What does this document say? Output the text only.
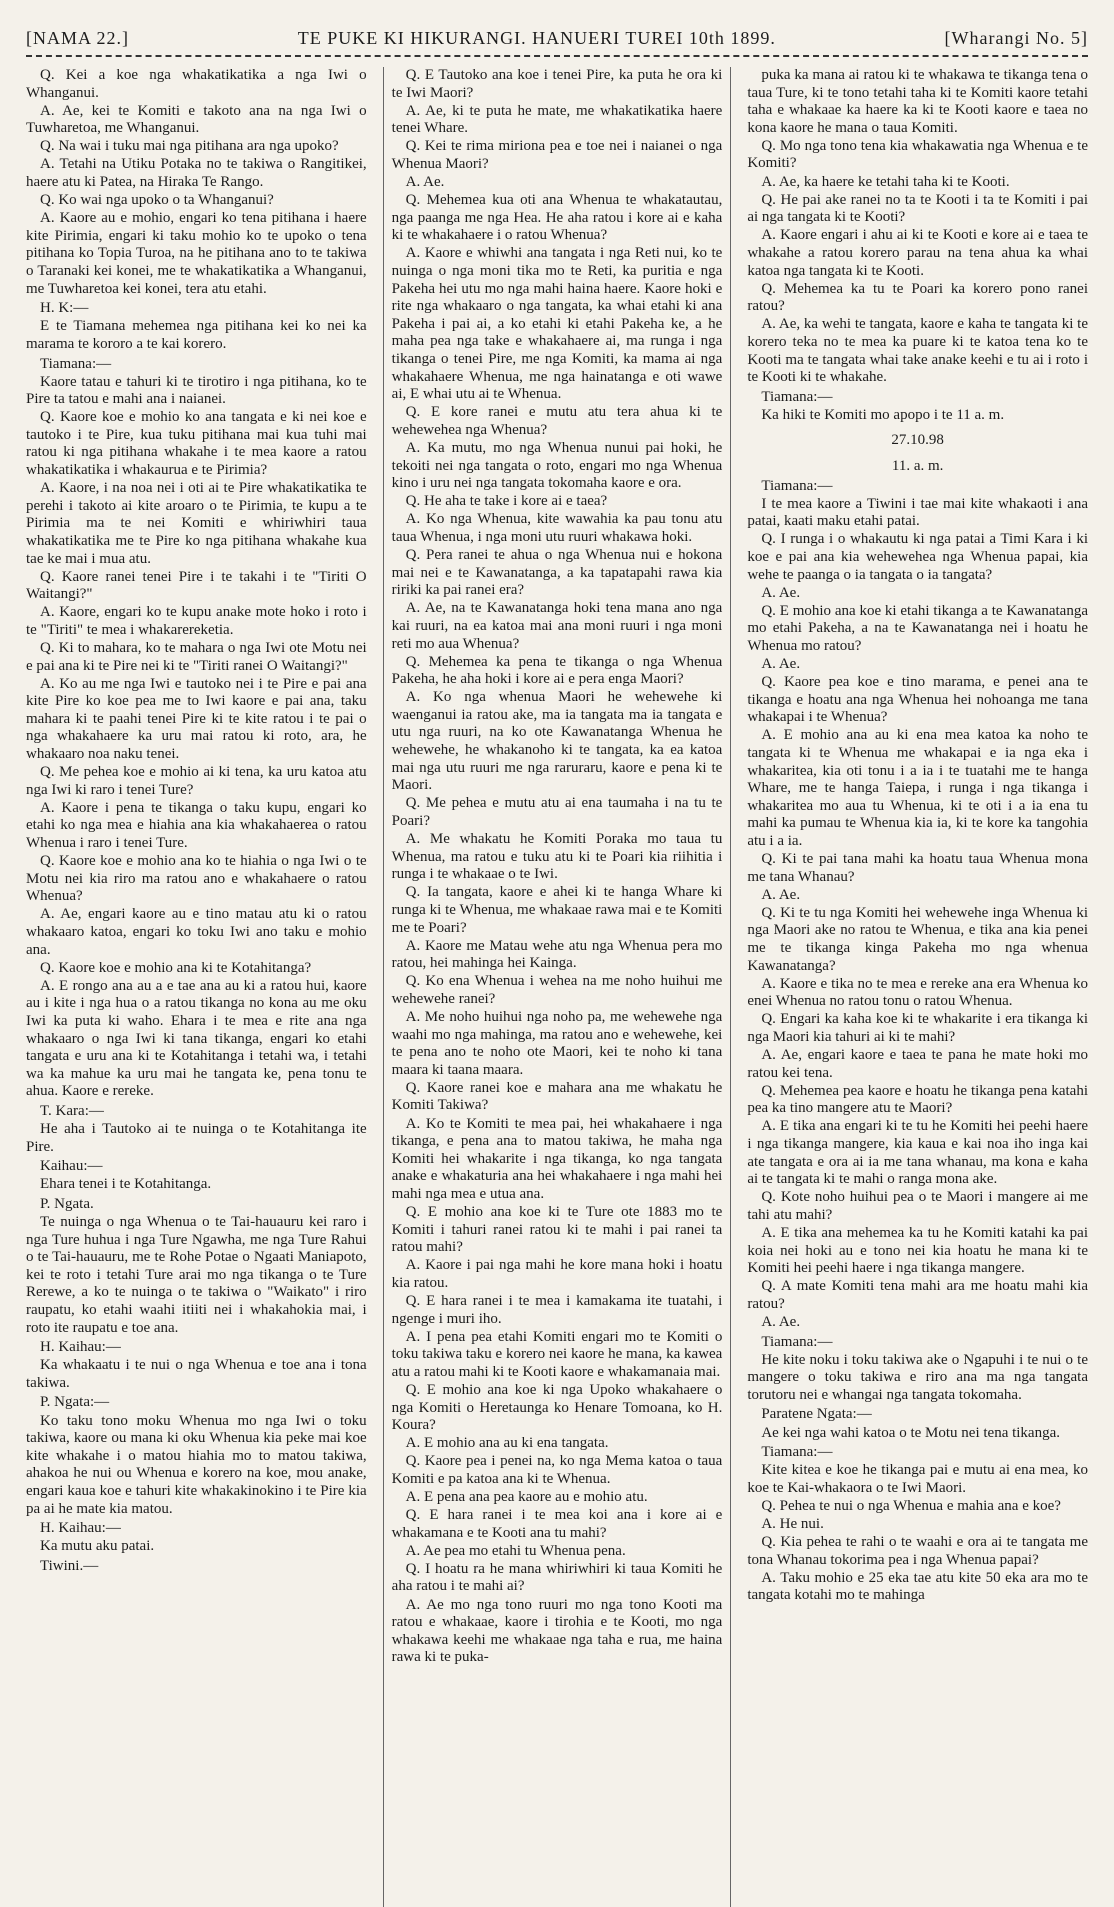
[NAMA 22.]	TE PUKE KI HIKURANGI. HANUERI TUREI 10th 1899.	[Wharangi No. 5]

Q. Kei a koe nga whakatikatika a nga Iwi o Whanganui.

A. Ae, kei te Komiti e takoto ana na nga Iwi o Tuwharetoa, me Whanganui.

Q. Na wai i tuku mai nga pitihana ara nga upoko?

A. Tetahi na Utiku Potaka no te takiwa o Rangitikei, haere atu ki Patea, na Hiraka Te Rango.

Q. Ko wai nga upoko o ta Whanganui?

A. Kaore au e mohio, engari ko tena pitihana i haere kite Pirimia, engari ki taku mohio ko te upoko o tena pitihana ko Topia Turoa, na he pitihana ano to te takiwa o Taranaki kei konei, me te whakatikatika a Whanganui, me Tuwharetoa kei konei, tera atu etahi.

H. K:—

E te Tiamana mehemea nga pitihana kei ko nei ka marama te kororo a te kai korero.

Tiamana:—

Kaore tatau e tahuri ki te tirotiro i nga pitihana, ko te Pire ta tatou e mahi ana i naianei.

Q. Kaore koe e mohio ko ana tangata e ki nei koe e tautoko i te Pire, kua tuku pitihana mai kua tuhi mai ratou ki nga pitihana whakahe i te mea kaore a ratou whakatikatika i whakaurua e te Pirimia?

A. Kaore, i na noa nei i oti ai te Pire whakatikatika te perehi i takoto ai kite aroaro o te Pirimia, te kupu a te Pirimia ma te nei Komiti e whiriwhiri taua whakatikatika me te Pire ko nga pitihana whakahe kua tae ke mai i mua atu.

Q. Kaore ranei tenei Pire i te takahi i te "Tiriti O Waitangi?"

A. Kaore, engari ko te kupu anake mote hoko i roto i te "Tiriti" te mea i whakarereketia.

Q. Ki to mahara, ko te mahara o nga Iwi ote Motu nei e pai ana ki te Pire nei ki te "Tiriti ranei O Waitangi?"

A. Ko au me nga Iwi e tautoko nei i te Pire e pai ana kite Pire ko koe pea me to Iwi kaore e pai ana, taku mahara ki te paahi tenei Pire ki te kite ratou i te pai o nga whakahaere ka uru mai ratou ki roto, ara, he whakaaro noa naku tenei.

Q. Me pehea koe e mohio ai ki tena, ka uru katoa atu nga Iwi ki raro i tenei Ture?

A. Kaore i pena te tikanga o taku kupu, engari ko etahi ko nga mea e hiahia ana kia whakahaerea o ratou Whenua i raro i tenei Ture.

Q. Kaore koe e mohio ana ko te hiahia o nga Iwi o te Motu nei kia riro ma ratou ano e whakahaere o ratou Whenua?

A. Ae, engari kaore au e tino matau atu ki o ratou whakaaro katoa, engari ko toku Iwi ano taku e mohio ana.

Q. Kaore koe e mohio ana ki te Kotahitanga?

A. E rongo ana au a e tae ana au ki a ratou hui, kaore au i kite i nga hua o a ratou tikanga no kona au me oku Iwi ka puta ki waho. Ehara i te mea e rite ana nga whakaaro o nga Iwi ki tana tikanga, engari ko etahi tangata e uru ana ki te Kotahitanga i tetahi wa, i tetahi wa ka mahue ka uru mai he tangata ke, pena tonu te ahua. Kaore e rereke.

T. Kara:—

He aha i Tautoko ai te nuinga o te Kotahitanga ite Pire.

Kaihau:—

Ehara tenei i te Kotahitanga.

P. Ngata.

Te nuinga o nga Whenua o te Tai-hauauru kei raro i nga Ture huhua i nga Ture Ngawha, me nga Ture Rahui o te Tai-hauauru, me te Rohe Potae o Ngaati Maniapoto, kei te roto i tetahi Ture arai mo nga tikanga o te Ture Rerewe, a ko te nuinga o te takiwa o "Waikato" i riro raupatu, ko etahi waahi itiiti nei i whakahokia mai, i roto ite raupatu e toe ana.

H. Kaihau:—

Ka whakaatu i te nui o nga Whenua e toe ana i tona takiwa.

P. Ngata:—

Ko taku tono moku Whenua mo nga Iwi o toku takiwa, kaore ou mana ki oku Whenua kia peke mai koe kite whakahe i o matou hiahia mo to matou takiwa, ahakoa he nui ou Whenua e korero na koe, mou anake, engari kaua koe e tahuri kite whakakinokino i te Pire kia pa ai he mate kia matou.

H. Kaihau:—

Ka mutu aku patai.

Tiwini.—

Q. E Tautoko ana koe i tenei Pire, ka puta he ora ki te Iwi Maori?

A. Ae, ki te puta he mate, me whakatikatika haere tenei Whare.

Q. Kei te rima miriona pea e toe nei i naianei o nga Whenua Maori?

A. Ae.

Q. Mehemea kua oti ana Whenua te whakatautau, nga paanga me nga Hea. He aha ratou i kore ai e kaha ki te whakahaere i o ratou Whenua?

A. Kaore e whiwhi ana tangata i nga Reti nui, ko te nuinga o nga moni tika mo te Reti, ka puritia e nga Pakeha hei utu mo nga mahi haina haere. Kaore hoki e rite nga whakaaro o nga tangata, ka whai etahi ki ana Pakeha i pai ai, a ko etahi ki etahi Pakeha ke, a he maha pea nga take e whakahaere ai, ma runga i nga tikanga o tenei Pire, me nga Komiti, ka mama ai nga whakahaere Whenua, me nga hainatanga e oti wawe ai, E whai utu ai te Whenua.

Q. E kore ranei e mutu atu tera ahua ki te wehewehea nga Whenua?

A. Ka mutu, mo nga Whenua nunui pai hoki, he tekoiti nei nga tangata o roto, engari mo nga Whenua kino i uru nei nga tangata tokomaha kaore e ora.

Q. He aha te take i kore ai e taea?

A. Ko nga Whenua, kite wawahia ka pau tonu atu taua Whenua, i nga moni utu ruuri whakawa hoki.

Q. Pera ranei te ahua o nga Whenua nui e hokona mai nei e te Kawanatanga, a ka tapatapahi rawa kia ririki ka pai ranei era?

A. Ae, na te Kawanatanga hoki tena mana ano nga kai ruuri, na ea katoa mai ana moni ruuri i nga moni reti mo aua Whenua?

Q. Mehemea ka pena te tikanga o nga Whenua Pakeha, he aha hoki i kore ai e pera enga Maori?

A. Ko nga whenua Maori he wehewehe ki waenganui ia ratou ake, ma ia tangata ma ia tangata e utu nga ruuri, na ko ote Kawanatanga Whenua he wehewehe, he whakanoho ki te tangata, ka ea katoa mai nga utu ruuri me nga raruraru, kaore e pena ki te Maori.

Q. Me pehea e mutu atu ai ena taumaha i na tu te Poari?

A. Me whakatu he Komiti Poraka mo taua tu Whenua, ma ratou e tuku atu ki te Poari kia riihitia i runga i te whakaae o te Iwi.

Q. Ia tangata, kaore e ahei ki te hanga Whare ki runga ki te Whenua, me whakaae rawa mai e te Komiti me te Poari?

A. Kaore me Matau wehe atu nga Whenua pera mo ratou, hei mahinga hei Kainga.

Q. Ko ena Whenua i wehea na me noho huihui me wehewehe ranei?

A. Me noho huihui nga noho pa, me wehewehe nga waahi mo nga mahinga, ma ratou ano e wehewehe, kei te pena ano te noho ote Maori, kei te noho ki tana maara ki taana maara.

Q. Kaore ranei koe e mahara ana me whakatu he Komiti Takiwa?

A. Ko te Komiti te mea pai, hei whakahaere i nga tikanga, e pena ana to matou takiwa, he maha nga Komiti hei whakarite i nga tikanga, ko nga tangata anake e whakaturia ana hei whakahaere i nga mahi hei mahi nga mea e utua ana.

Q. E mohio ana koe ki te Ture ote 1883 mo te Komiti i tahuri ranei ratou ki te mahi i pai ranei ta ratou mahi?

A. Kaore i pai nga mahi he kore mana hoki i hoatu kia ratou.

Q. E hara ranei i te mea i kamakama ite tuatahi, i ngenge i muri iho.

A. I pena pea etahi Komiti engari mo te Komiti o toku takiwa taku e korero nei kaore he mana, ka kawea atu a ratou mahi ki te Kooti kaore e whakamanaia mai.

Q. E mohio ana koe ki nga Upoko whakahaere o nga Komiti o Heretaunga ko Henare Tomoana, ko H. Koura?

A. E mohio ana au ki ena tangata.

Q. Kaore pea i penei na, ko nga Mema katoa o taua Komiti e pa katoa ana ki te Whenua.

A. E pena ana pea kaore au e mohio atu.

Q. E hara ranei i te mea koi ana i kore ai e whakamana e te Kooti ana tu mahi?

A. Ae pea mo etahi tu Whenua pena.

Q. I hoatu ra he mana whiriwhiri ki taua Komiti he aha ratou i te mahi ai?

A. Ae mo nga tono ruuri mo nga tono Kooti ma ratou e whakaae, kaore i tirohia e te Kooti, mo nga whakawa keehi me whakaae nga taha e rua, me haina rawa ki te puka-

puka ka mana ai ratou ki te whakawa te tikanga tena o taua Ture, ki te tono tetahi taha ki te Komiti kaore tetahi taha e whakaae ka haere ka ki te Kooti kaore e taea no kona kaore he mana o taua Komiti.

Q. Mo nga tono tena kia whakawatia nga Whenua e te Komiti?

A. Ae, ka haere ke tetahi taha ki te Kooti.

Q. He pai ake ranei no ta te Kooti i ta te Komiti i pai ai nga tangata ki te Kooti?

A. Kaore engari i ahu ai ki te Kooti e kore ai e taea te whakahe a ratou korero parau na tena ahua ka whai katoa nga tangata ki te Kooti.

Q. Mehemea ka tu te Poari ka korero pono ranei ratou?

A. Ae, ka wehi te tangata, kaore e kaha te tangata ki te korero teka no te mea ka puare ki te katoa tena ko te Kooti ma te tangata whai take anake keehi e tu ai i roto i te Kooti ki te whakahe.

Tiamana:—

Ka hiki te Komiti mo apopo i te 11 a. m.

27.10.98

11. a. m.

Tiamana:—

I te mea kaore a Tiwini i tae mai kite whakaoti i ana patai, kaati maku etahi patai.

Q. I runga i o whakautu ki nga patai a Timi Kara i ki koe e pai ana kia wehewehea nga Whenua papai, kia wehe te paanga o ia tangata o ia tangata?

A. Ae.

Q. E mohio ana koe ki etahi tikanga a te Kawanatanga mo etahi Pakeha, a na te Kawanatanga nei i hoatu he Whenua mo ratou?

A. Ae.

Q. Kaore pea koe e tino marama, e penei ana te tikanga e hoatu ana nga Whenua hei nohoanga me tana whakapai i te Whenua?

A. E mohio ana au ki ena mea katoa ka noho te tangata ki te Whenua me whakapai e ia nga eka i whakaritea, kia oti tonu i a ia i te tuatahi me te hanga Whare, me te hanga Taiepa, i runga i nga tikanga i whakaritea mo aua tu Whenua, ki te oti i a ia ena tu mahi ka pumau te Whenua kia ia, ki te kore ka tangohia atu i a ia.

Q. Ki te pai tana mahi ka hoatu taua Whenua mona me tana Whanau?

A. Ae.

Q. Ki te tu nga Komiti hei wehewehe inga Whenua ki nga Maori ake no ratou te Whenua, e tika ana kia penei me te tikanga kinga Pakeha mo nga whenua Kawanatanga?

A. Kaore e tika no te mea e rereke ana era Whenua ko enei Whenua no ratou tonu o ratou Whenua.

Q. Engari ka kaha koe ki te whakarite i era tikanga ki nga Maori kia tahuri ai ki te mahi?

A. Ae, engari kaore e taea te pana he mate hoki mo ratou kei tena.

Q. Mehemea pea kaore e hoatu he tikanga pena katahi pea ka tino mangere atu te Maori?

A. E tika ana engari ki te tu he Komiti hei peehi haere i nga tikanga mangere, kia kaua e kai noa iho inga kai ate tangata e ora ai ia me tana whanau, ma kona e kaha ai te tangata ki te mahi o ranga mona ake.

Q. Kote noho huihui pea o te Maori i mangere ai me tahi atu mahi?

A. E tika ana mehemea ka tu he Komiti katahi ka pai koia nei hoki au e tono nei kia hoatu he mana ki te Komiti hei peehi haere i nga tikanga mangere.

Q. A mate Komiti tena mahi ara me hoatu mahi kia ratou?

A. Ae.

Tiamana:—

He kite noku i toku takiwa ake o Ngapuhi i te nui o te mangere o toku takiwa e riro ana ma nga tangata torutoru nei e whangai nga tangata tokomaha.

Paratene Ngata:—

Ae kei nga wahi katoa o te Motu nei tena tikanga.

Tiamana:—

Kite kitea e koe he tikanga pai e mutu ai ena mea, ko koe te Kai-whakaora o te Iwi Maori.

Q. Pehea te nui o nga Whenua e mahia ana e koe?

A. He nui.

Q. Kia pehea te rahi o te waahi e ora ai te tangata me tona Whanau tokorima pea i nga Whenua papai?

A. Taku mohio e 25 eka tae atu kite 50 eka ara mo te tangata kotahi mo te mahinga
